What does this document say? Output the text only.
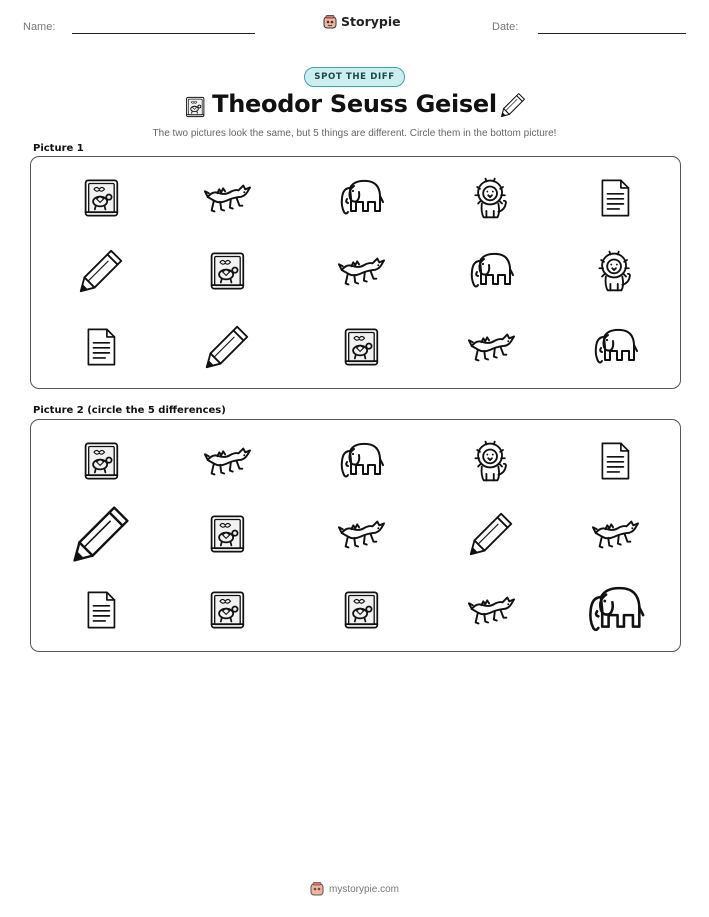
Name:	Storypie	Date:
SPOT THE DIFF
Theodor Seuss Geisel
The two pictures look the same, but 5 things are different. Circle them in the bottom picture!
Picture 1
Picture 2 (circle the 5 differences)
mystorypie.com
